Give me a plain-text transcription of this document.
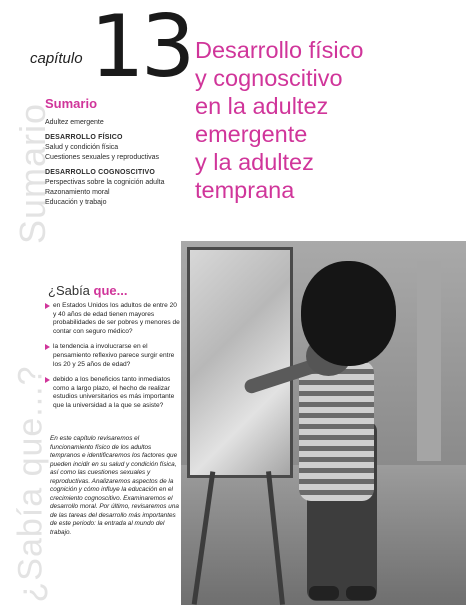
Sumario
¿Sabía que...?
capítulo 13
Sumario
Adultez emergente
DESARROLLO FÍSICO
Salud y condición física
Cuestiones sexuales y reproductivas
DESARROLLO COGNOSCITIVO
Perspectivas sobre la cognición adulta
Razonamiento moral
Educación y trabajo
¿Sabía que...
en Estados Unidos los adultos de entre 20 y 40 años de edad tienen mayores probabilidades de ser pobres y menores de contar con seguro médico?
la tendencia a involucrarse en el pensamiento reflexivo parece surgir entre los 20 y 25 años de edad?
debido a los beneficios tanto inmediatos como a largo plazo, el hecho de realizar estudios universitarios es más importante que la universidad a la que se asiste?
En este capítulo revisaremos el funcionamiento físico de los adultos tempranos e identificaremos los factores que pueden incidir en su salud y condición física, así como las cuestiones sexuales y reproductivas. Analizaremos aspectos de la cognición y cómo influye la educación en el crecimiento cognoscitivo. Examinaremos el desarrollo moral. Por último, revisaremos una de las tareas del desarrollo más importantes de este periodo: la entrada al mundo del trabajo.
Desarrollo físico
y cognoscitivo
en la adultez
emergente
y la adultez
temprana
